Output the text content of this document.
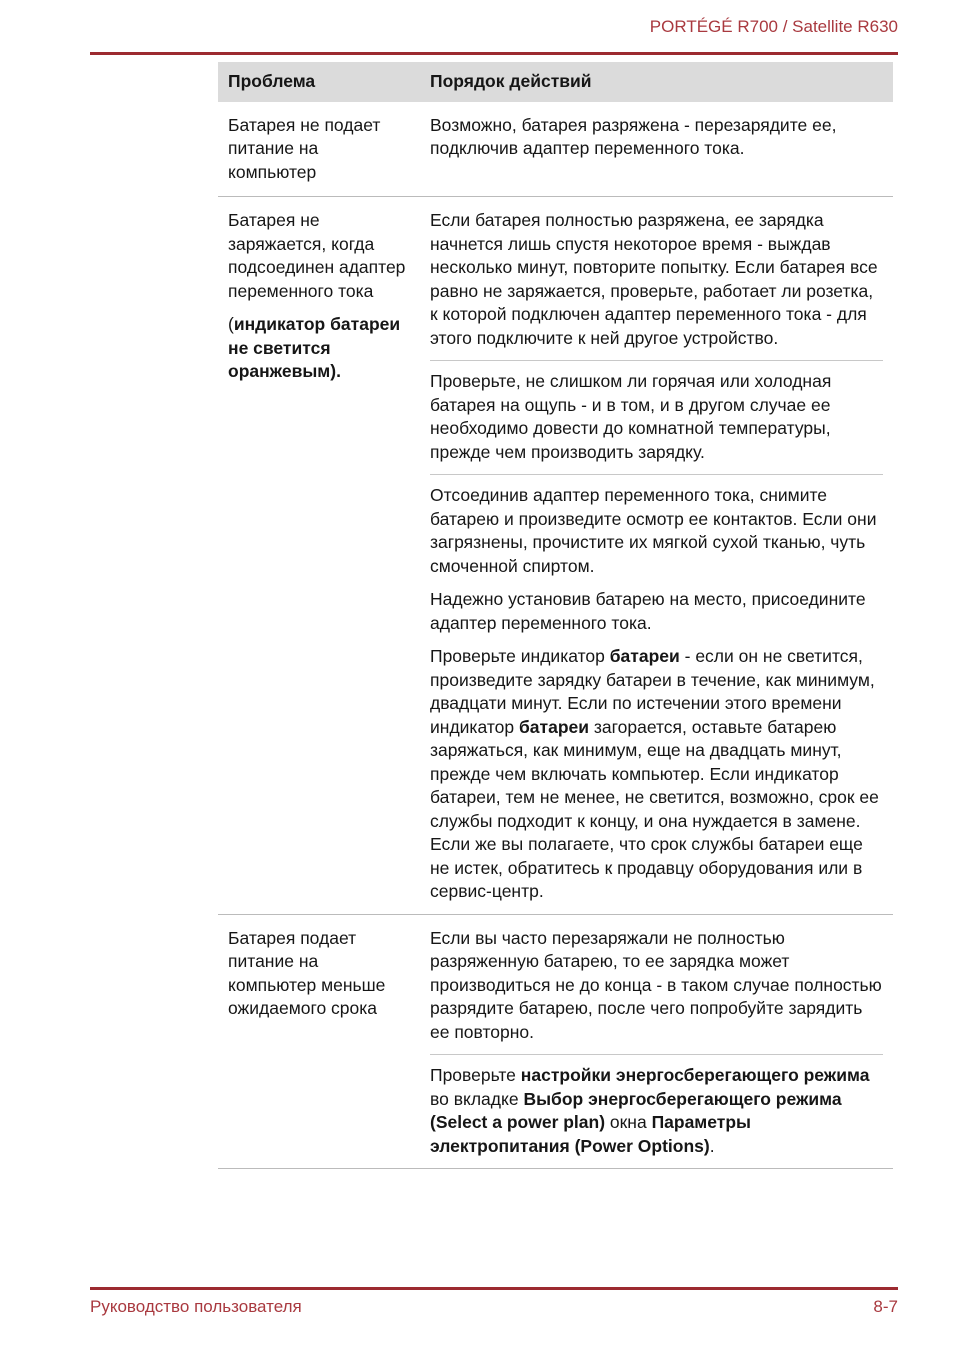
PORTÉGÉ R700 / Satellite R630
Проблема	Порядок действий

Батарея не подает питание на компьютер

Возможно, батарея разряжена - перезарядите ее, подключив адаптер переменного тока.

Батарея не заряжается, когда подсоединен адаптер переменного тока

(индикатор батареи не светится оранжевым).

Если батарея полностью разряжена, ее зарядка начнется лишь спустя некоторое время - выждав несколько минут, повторите попытку. Если батарея все равно не заряжается, проверьте, работает ли розетка, к которой подключен адаптер переменного тока - для этого подключите к ней другое устройство.

Проверьте, не слишком ли горячая или холодная батарея на ощупь - и в том, и в другом случае ее необходимо довести до комнатной температуры, прежде чем производить зарядку.

Отсоединив адаптер переменного тока, снимите батарею и произведите осмотр ее контактов. Если они загрязнены, прочистите их мягкой сухой тканью, чуть смоченной спиртом.

Надежно установив батарею на место, присоедините адаптер переменного тока.

Проверьте индикатор батареи - если он не светится, произведите зарядку батареи в течение, как минимум, двадцати минут. Если по истечении этого времени индикатор батареи загорается, оставьте батарею заряжаться, как минимум, еще на двадцать минут, прежде чем включать компьютер. Если индикатор батареи, тем не менее, не светится, возможно, срок ее службы подходит к концу, и она нуждается в замене. Если же вы полагаете, что срок службы батареи еще не истек, обратитесь к продавцу оборудования или в сервис-центр.

Батарея подает питание на компьютер меньше ожидаемого срока

Если вы часто перезаряжали не полностью разряженную батарею, то ее зарядка может производиться не до конца - в таком случае полностью разрядите батарею, после чего попробуйте зарядить ее повторно.

Проверьте настройки энергосберегающего режима во вкладке Выбор энергосберегающего режима (Select a power plan) окна Параметры электропитания (Power Options).

Руководство пользователя	8-7
